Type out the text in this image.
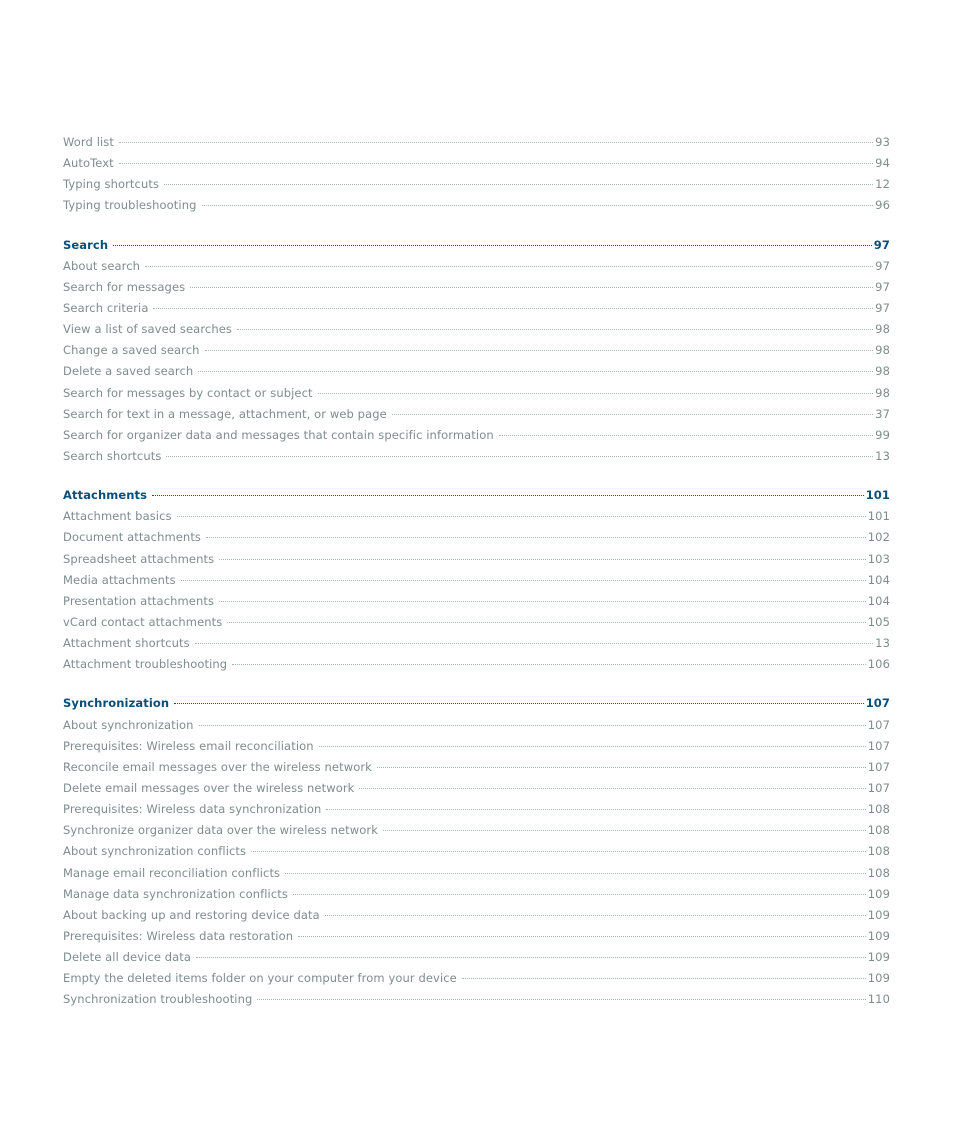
Word list	93
AutoText	94
Typing shortcuts	12
Typing troubleshooting	96
Search	97
About search	97
Search for messages	97
Search criteria	97
View a list of saved searches	98
Change a saved search	98
Delete a saved search	98
Search for messages by contact or subject	98
Search for text in a message, attachment, or web page	37
Search for organizer data and messages that contain specific information	99
Search shortcuts	13
Attachments	101
Attachment basics	101
Document attachments	102
Spreadsheet attachments	103
Media attachments	104
Presentation attachments	104
vCard contact attachments	105
Attachment shortcuts	13
Attachment troubleshooting	106
Synchronization	107
About synchronization	107
Prerequisites: Wireless email reconciliation	107
Reconcile email messages over the wireless network	107
Delete email messages over the wireless network	107
Prerequisites: Wireless data synchronization	108
Synchronize organizer data over the wireless network	108
About synchronization conflicts	108
Manage email reconciliation conflicts	108
Manage data synchronization conflicts	109
About backing up and restoring device data	109
Prerequisites: Wireless data restoration	109
Delete all device data	109
Empty the deleted items folder on your computer from your device	109
Synchronization troubleshooting	110
